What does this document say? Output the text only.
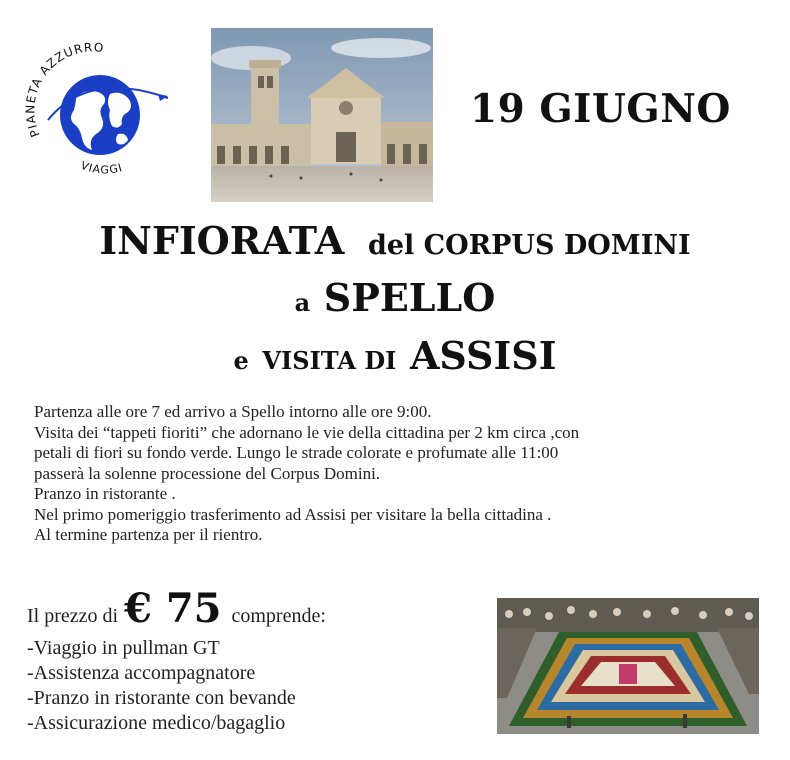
PIANETA AZZURRO
VIAGGI
19 GIUGNO
INFIORATA del CORPUS DOMINI
a SPELLO
e VISITA DI ASSISI
Partenza alle ore 7 ed arrivo a Spello intorno alle ore 9:00.
Visita dei “tappeti fioriti” che adornano le vie della cittadina per 2 km circa ,con
petali di fiori su fondo verde. Lungo le strade colorate e profumate alle 11:00
passerà la solenne processione del Corpus Domini.
Pranzo in ristorante .
Nel primo pomeriggio trasferimento ad Assisi per visitare la bella cittadina .
Al termine partenza per il rientro.
Il prezzo di € 75 comprende:
-Viaggio in pullman GT
-Assistenza accompagnatore
-Pranzo in ristorante con bevande
-Assicurazione medico/bagaglio
